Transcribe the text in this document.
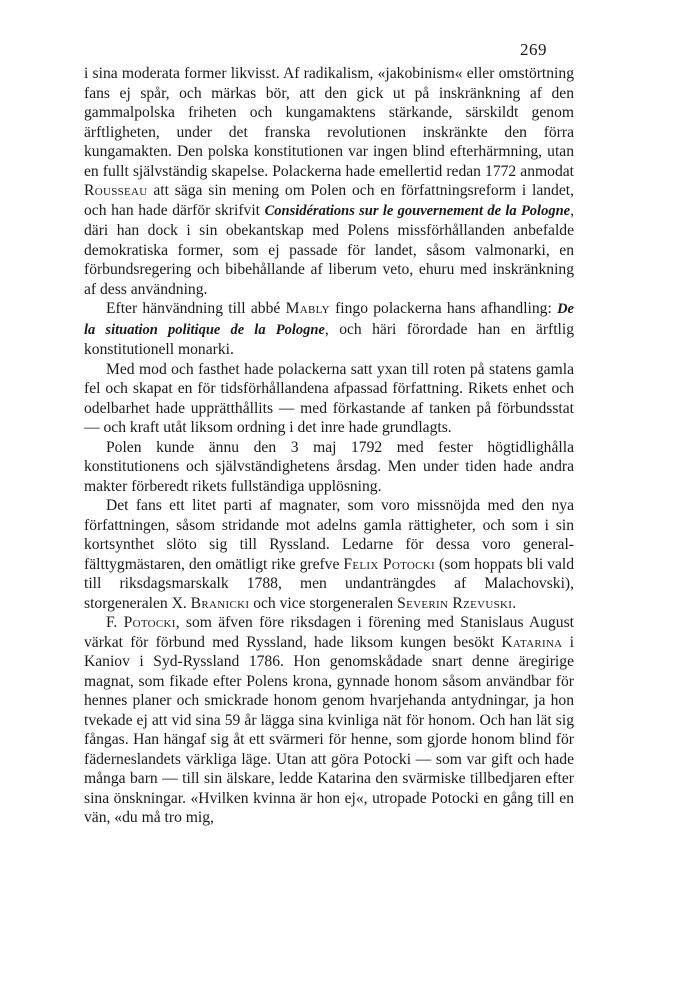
269

i sina moderata former likvisst. Af radikalism, «jakobinism« eller omstörtning fans ej spår, och märkas bör, att den gick ut på inskränkning af den gammalpolska friheten och kungamaktens stärkande, särskildt genom ärftligheten, under det franska revolutionen inskränkte den förra kungamakten. Den polska konstitutionen var ingen blind efterhärmning, utan en fullt självständig skapelse. Polackerna hade emellertid redan 1772 anmodat Rousseau att säga sin mening om Polen och en författningsreform i landet, och han hade därför skrifvit Considérations sur le gouvernement de la Pologne, däri han dock i sin obekantskap med Polens missförhållanden anbefalde demokratiska former, som ej passade för landet, såsom valmonarki, en förbundsregering och bibehållande af liberum veto, ehuru med inskränkning af dess användning.

Efter hänvändning till abbé Mably fingo polackerna hans afhandling: De la situation politique de la Pologne, och häri förordade han en ärftlig konstitutionell monarki.

Med mod och fasthet hade polackerna satt yxan till roten på statens gamla fel och skapat en för tidsförhållandena afpassad författning. Rikets enhet och odelbarhet hade upprätthållits — med förkastande af tanken på förbundsstat — och kraft utåt liksom ordning i det inre hade grundlagts.

Polen kunde ännu den 3 maj 1792 med fester högtidlighålla konstitutionens och självständighetens årsdag. Men under tiden hade andra makter förberedt rikets fullständiga upplösning.

Det fans ett litet parti af magnater, som voro missnöjda med den nya författningen, såsom stridande mot adelns gamla rättigheter, och som i sin kortsynthet slöto sig till Ryssland. Ledarne för dessa voro general-fälttygmästaren, den omätligt rike grefve Felix Potocki (som hoppats bli vald till riksdagsmarskalk 1788, men undanträngdes af Malachovski), storgeneralen X. Branicki och vice storgeneralen Severin Rzevuski.

F. Potocki, som äfven före riksdagen i förening med Stanislaus August värkat för förbund med Ryssland, hade liksom kungen besökt Katarina i Kaniov i Syd-Ryssland 1786. Hon genomskådade snart denne äregirige magnat, som fikade efter Polens krona, gynnade honom såsom användbar för hennes planer och smickrade honom genom hvarjehanda antydningar, ja hon tvekade ej att vid sina 59 år lägga sina kvinliga nät för honom. Och han lät sig fångas. Han hängaf sig åt ett svärmeri för henne, som gjorde honom blind för fäderneslandets värkliga läge. Utan att göra Potocki — som var gift och hade många barn — till sin älskare, ledde Katarina den svärmiske tillbedjaren efter sina önskningar. «Hvilken kvinna är hon ej«, utropade Potocki en gång till en vän, «du må tro mig,
